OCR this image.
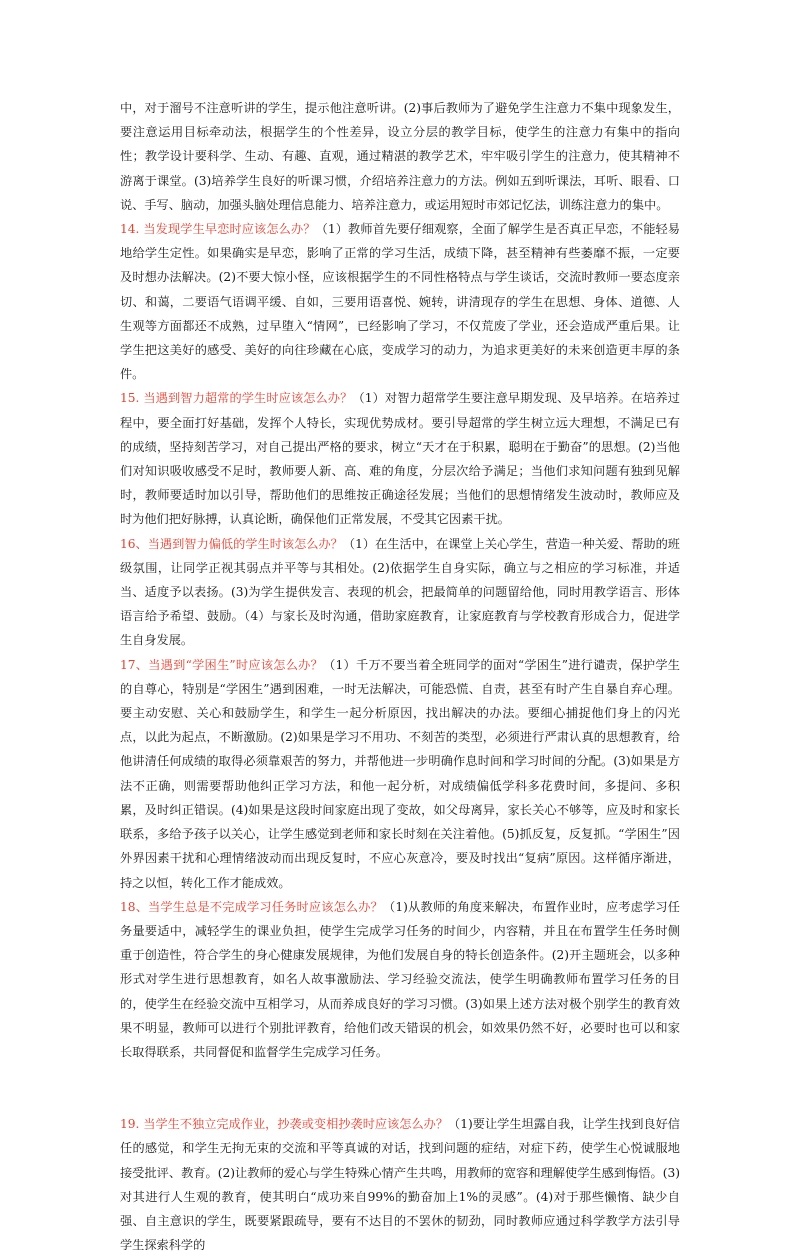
中，对于溜号不注意听讲的学生，提示他注意听讲。(2)事后教师为了避免学生注意力不集中现象发生，要注意运用目标牵动法，根据学生的个性差异，设立分层的教学目标，使学生的注意力有集中的指向性；教学设计要科学、生动、有趣、直观，通过精湛的教学艺术，牢牢吸引学生的注意力，使其精神不游离于课堂。(3)培养学生良好的听课习惯，介绍培养注意力的方法。例如五到听课法，耳听、眼看、口说、手写、脑动，加强头脑处理信息能力、培养注意力，或运用短时市郊记忆法，训练注意力的集中。

14. 当发现学生早恋时应该怎么办？（1）教师首先要仔细观察，全面了解学生是否真正早恋，不能轻易地给学生定性。如果确实是早恋，影响了正常的学习生活，成绩下降，甚至精神有些萎靡不振，一定要及时想办法解决。(2)不要大惊小怪，应该根据学生的不同性格特点与学生谈话，交流时教师一要态度亲切、和蔼，二要语气语调平缓、自如，三要用语喜悦、婉转，讲清现存的学生在思想、身体、道德、人生观等方面都还不成熟，过早堕入“情网”，已经影响了学习，不仅荒废了学业，还会造成严重后果。让学生把这美好的感受、美好的向往珍藏在心底，变成学习的动力，为追求更美好的未来创造更丰厚的条件。

15. 当遇到智力超常的学生时应该怎么办？（1）对智力超常学生要注意早期发现、及早培养。在培养过程中，要全面打好基础，发挥个人特长，实现优势成材。要引导超常的学生树立远大理想，不满足已有的成绩，坚持刻苦学习，对自己提出严格的要求，树立“天才在于积累，聪明在于勤奋”的思想。(2)当他们对知识吸收感受不足时，教师要人新、高、难的角度，分层次给予满足；当他们求知问题有独到见解时，教师要适时加以引导，帮助他们的思维按正确途径发展；当他们的思想情绪发生波动时，教师应及时为他们把好脉搏，认真论断，确保他们正常发展，不受其它因素干扰。

16、当遇到智力偏低的学生时该怎么办？（1）在生活中，在课堂上关心学生，营造一种关爱、帮助的班级氛围，让同学正视其弱点并平等与其相处。(2)依据学生自身实际，确立与之相应的学习标准，并适当、适度予以表扬。(3)为学生提供发言、表现的机会，把最简单的问题留给他，同时用教学语言、形体语言给予希望、鼓励。（4）与家长及时沟通，借助家庭教育，让家庭教育与学校教育形成合力，促进学生自身发展。

17、当遇到“学困生”时应该怎么办？（1）千万不要当着全班同学的面对“学困生”进行谴责，保护学生的自尊心，特别是“学困生”遇到困难，一时无法解决，可能恐慌、自责，甚至有时产生自暴自弃心理。要主动安慰、关心和鼓励学生，和学生一起分析原因，找出解决的办法。要细心捕捉他们身上的闪光点，以此为起点，不断激励。(2)如果是学习不用功、不刻苦的类型，必须进行严肃认真的思想教育，给他讲清任何成绩的取得必须靠艰苦的努力，并帮他进一步明确作息时间和学习时间的分配。(3)如果是方法不正确，则需要帮助他纠正学习方法，和他一起分析，对成绩偏低学科多花费时间，多提问、多积累，及时纠正错误。(4)如果是这段时间家庭出现了变故，如父母离异，家长关心不够等，应及时和家长联系，多给予孩子以关心，让学生感觉到老师和家长时刻在关注着他。(5)抓反复，反复抓。“学困生”因外界因素干扰和心理情绪波动而出现反复时，不应心灰意冷，要及时找出“复病”原因。这样循序渐进，持之以恒，转化工作才能成效。

18、当学生总是不完成学习任务时应该怎么办？（1)从教师的角度来解决，布置作业时，应考虑学习任务量要适中，减轻学生的课业负担，使学生完成学习任务的时间少，内容精，并且在布置学生任务时侧重于创造性，符合学生的身心健康发展规律，为他们发展自身的特长创造条件。(2)开主题班会，以多种形式对学生进行思想教育，如名人故事激励法、学习经验交流法，使学生明确教师布置学习任务的目的，使学生在经验交流中互相学习，从而养成良好的学习习惯。(3)如果上述方法对极个别学生的教育效果不明显，教师可以进行个别批评教育，给他们改天错误的机会，如效果仍然不好，必要时也可以和家长取得联系，共同督促和监督学生完成学习任务。

19. 当学生不独立完成作业，抄袭或变相抄袭时应该怎么办？（1)要让学生坦露自我，让学生找到良好信任的感觉，和学生无拘无束的交流和平等真诚的对话，找到问题的症结，对症下药，使学生心悦诚服地接受批评、教育。(2)让教师的爱心与学生特殊心情产生共鸣，用教师的宽容和理解使学生感到悔悟。(3)对其进行人生观的教育，使其明白“成功来自99%的勤奋加上1%的灵感”。(4)对于那些懒惰、缺少自强、自主意识的学生，既要紧跟疏导，要有不达目的不罢休的韧劲，同时教师应通过科学教学方法引导学生探索科学的
